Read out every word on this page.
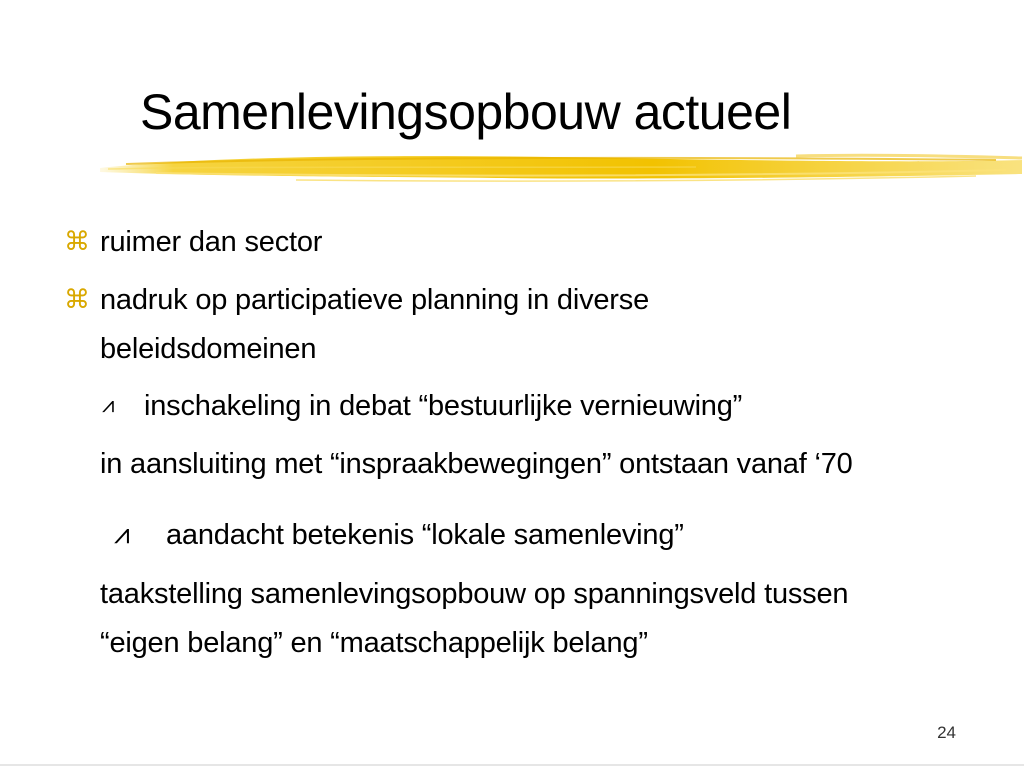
Samenlevingsopbouw actueel
⌘ ruimer dan sector
⌘ nadruk op participatieve planning in diverse
beleidsdomeinen
⩘ inschakeling in debat “bestuurlijke vernieuwing”
in aansluiting met “inspraakbewegingen” ontstaan vanaf ‘70
⩘ aandacht betekenis “lokale samenleving”
taakstelling samenlevingsopbouw op spanningsveld tussen
“eigen belang” en “maatschappelijk belang”
24
